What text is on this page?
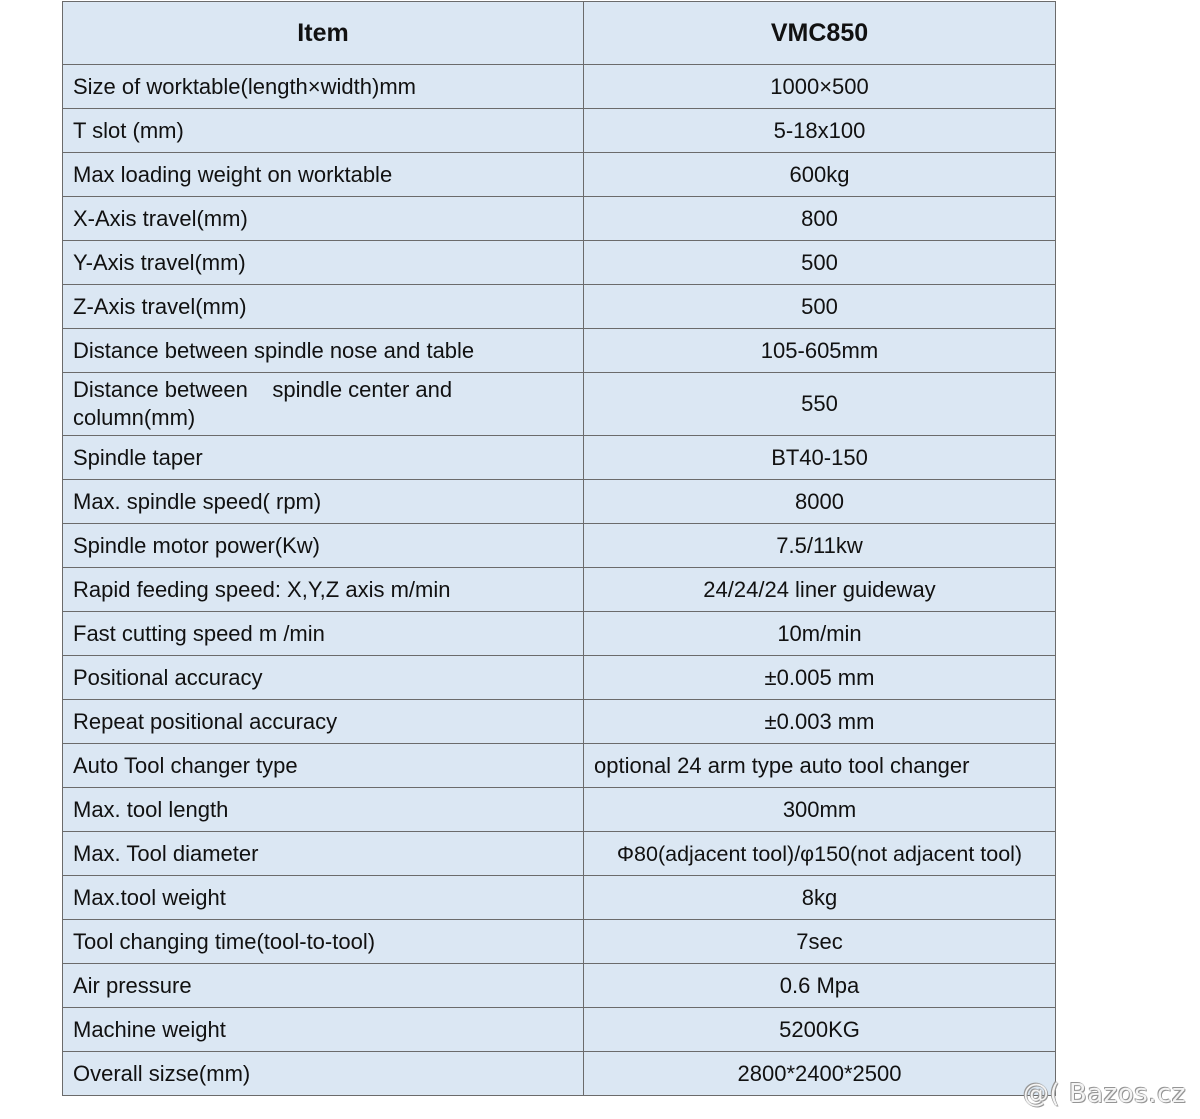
Item	VMC850
Size of worktable(length×width)mm	1000×500
T slot (mm)	5-18x100
Max loading weight on worktable	600kg
X-Axis travel(mm)	800
Y-Axis travel(mm)	500
Z-Axis travel(mm)	500
Distance between spindle nose and table	105-605mm
Distance between    spindle center and column(mm)	550
Spindle taper	BT40-150
Max. spindle speed( rpm)	8000
Spindle motor power(Kw)	7.5/11kw
Rapid feeding speed: X,Y,Z axis m/min	24/24/24 liner guideway
Fast cutting speed m /min	10m/min
Positional accuracy	±0.005 mm
Repeat positional accuracy	±0.003 mm
Auto Tool changer type	optional 24 arm type auto tool changer
Max. tool length	300mm
Max. Tool diameter	Φ80(adjacent tool)/φ150(not adjacent tool)
Max.tool weight	8kg
Tool changing time(tool-to-tool)	7sec
Air pressure	0.6 Mpa
Machine weight	5200KG
Overall sizse(mm)	2800*2400*2500
@( Bazos.cz
